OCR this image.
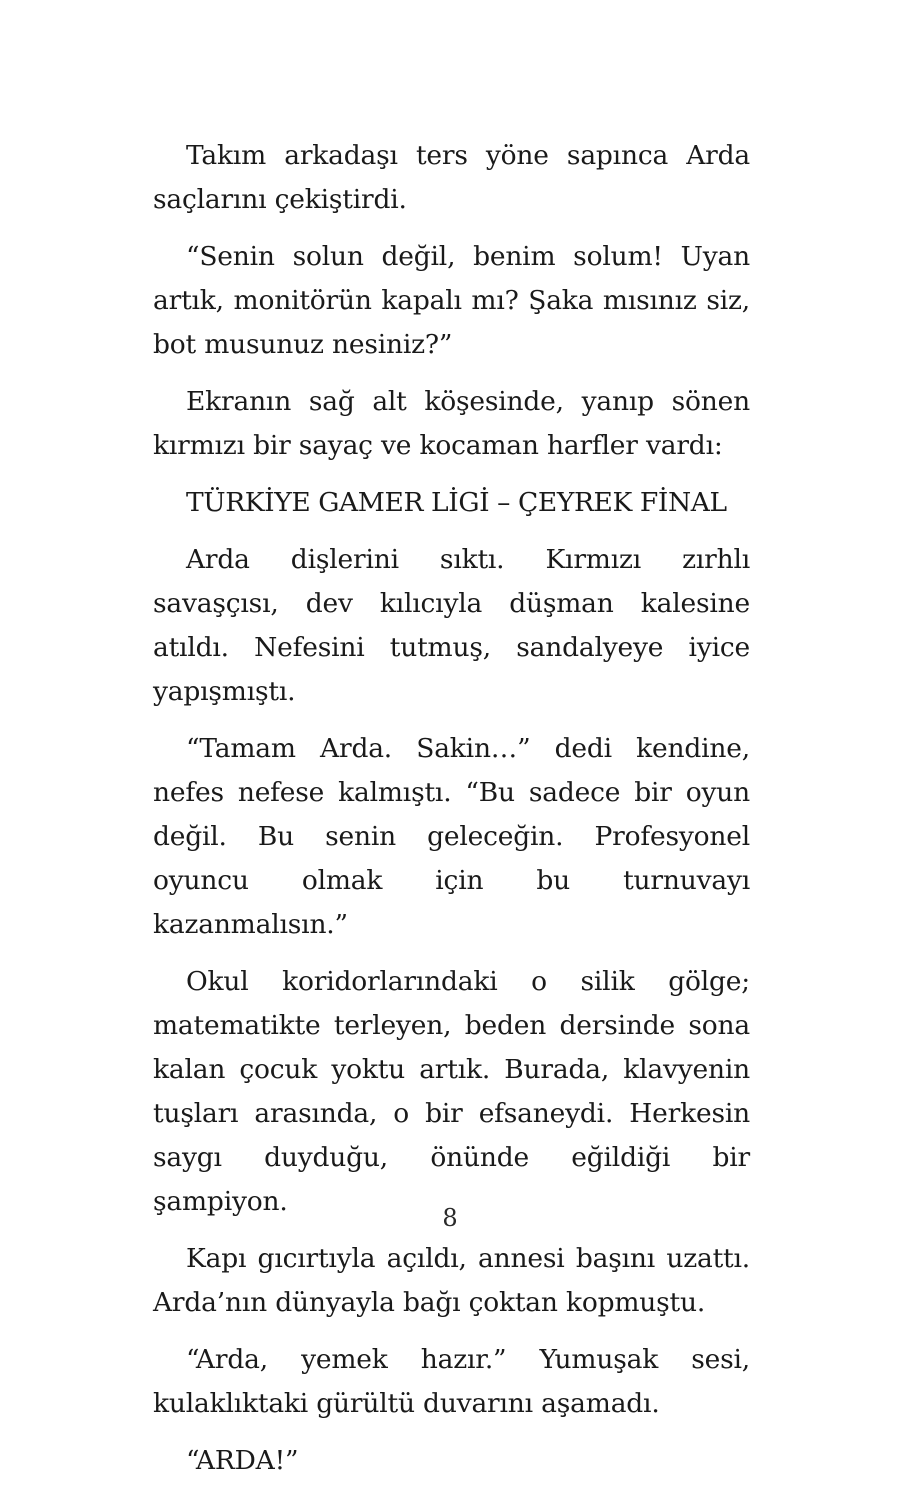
Takım arkadaşı ters yöne sapınca Arda saçlarını çekiştirdi.

“Senin solun değil, benim solum! Uyan artık, monitörün kapalı mı? Şaka mısınız siz, bot musunuz nesiniz?”

Ekranın sağ alt köşesinde, yanıp sönen kırmızı bir sayaç ve kocaman harfler vardı:

TÜRKİYE GAMER LİGİ – ÇEYREK FİNAL

Arda dişlerini sıktı. Kırmızı zırhlı savaşçısı, dev kılıcıyla düşman kalesine atıldı. Nefesini tutmuş, sandalyeye iyice yapışmıştı.

“Tamam Arda. Sakin…” dedi kendine, nefes nefese kalmıştı. “Bu sadece bir oyun değil. Bu senin geleceğin. Profesyonel oyuncu olmak için bu turnuvayı kazanmalısın.”

Okul koridorlarındaki o silik gölge; matematikte terleyen, beden dersinde sona kalan çocuk yoktu artık. Burada, klavyenin tuşları arasında, o bir efsaneydi. Herkesin saygı duyduğu, önünde eğildiği bir şampiyon.

Kapı gıcırtıyla açıldı, annesi başını uzattı. Arda’nın dünyayla bağı çoktan kopmuştu.

“Arda, yemek hazır.” Yumuşak sesi, kulaklıktaki gürültü duvarını aşamadı.

“ARDA!”

8
